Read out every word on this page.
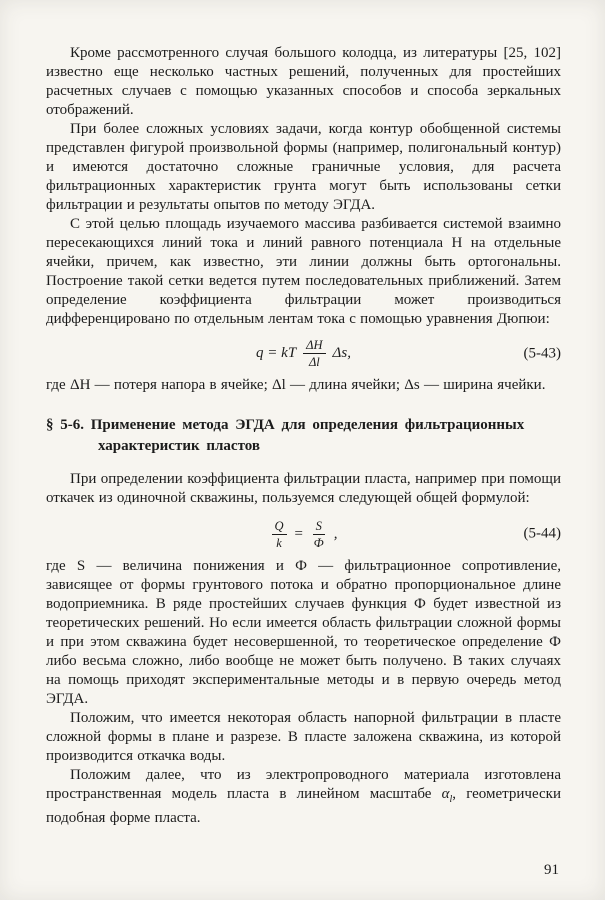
Кроме рассмотренного случая большого колодца, из литературы [25, 102] известно еще несколько частных решений, полученных для простейших расчетных случаев с помощью указанных способов и способа зеркальных отображений.

При более сложных условиях задачи, когда контур обобщенной системы представлен фигурой произвольной формы (например, полигональный контур) и имеются достаточно сложные граничные условия, для расчета фильтрационных характеристик грунта могут быть использованы сетки фильтрации и результаты опытов по методу ЭГДА.

С этой целью площадь изучаемого массива разбивается системой взаимно пересекающихся линий тока и линий равного потенциала H на отдельные ячейки, причем, как известно, эти линии должны быть ортогональны. Построение такой сетки ведется путем последовательных приближений. Затем определение коэффициента фильтрации может производиться дифференцировано по отдельным лентам тока с помощью уравнения Дюпюи:

q = kT $\frac{\Delta H}{\Delta l} \Delta s$,	(5-43)

где ΔH — потеря напора в ячейке; Δl — длина ячейки; Δs — ширина ячейки.

§ 5-6. Применение метода ЭГДА для определения фильтрационных характеристик пластов

При определении коэффициента фильтрации пласта, например при помощи откачек из одиночной скважины, пользуемся следующей общей формулой:

$\frac{Q}{k} = \frac{S}{Ф}$ ,	(5-44)

где S — величина понижения и Ф — фильтрационное сопротивление, зависящее от формы грунтового потока и обратно пропорциональное длине водоприемника. В ряде простейших случаев функция Ф будет известной из теоретических решений. Но если имеется область фильтрации сложной формы и при этом скважина будет несовершенной, то теоретическое определение Ф либо весьма сложно, либо вообще не может быть получено. В таких случаях на помощь приходят экспериментальные методы и в первую очередь метод ЭГДА.

Положим, что имеется некоторая область напорной фильтрации в пласте сложной формы в плане и разрезе. В пласте заложена скважина, из которой производится откачка воды.

Положим далее, что из электропроводного материала изготовлена пространственная модель пласта в линейном масштабе $\alpha_l$, геометрически подобная форме пласта.

91
